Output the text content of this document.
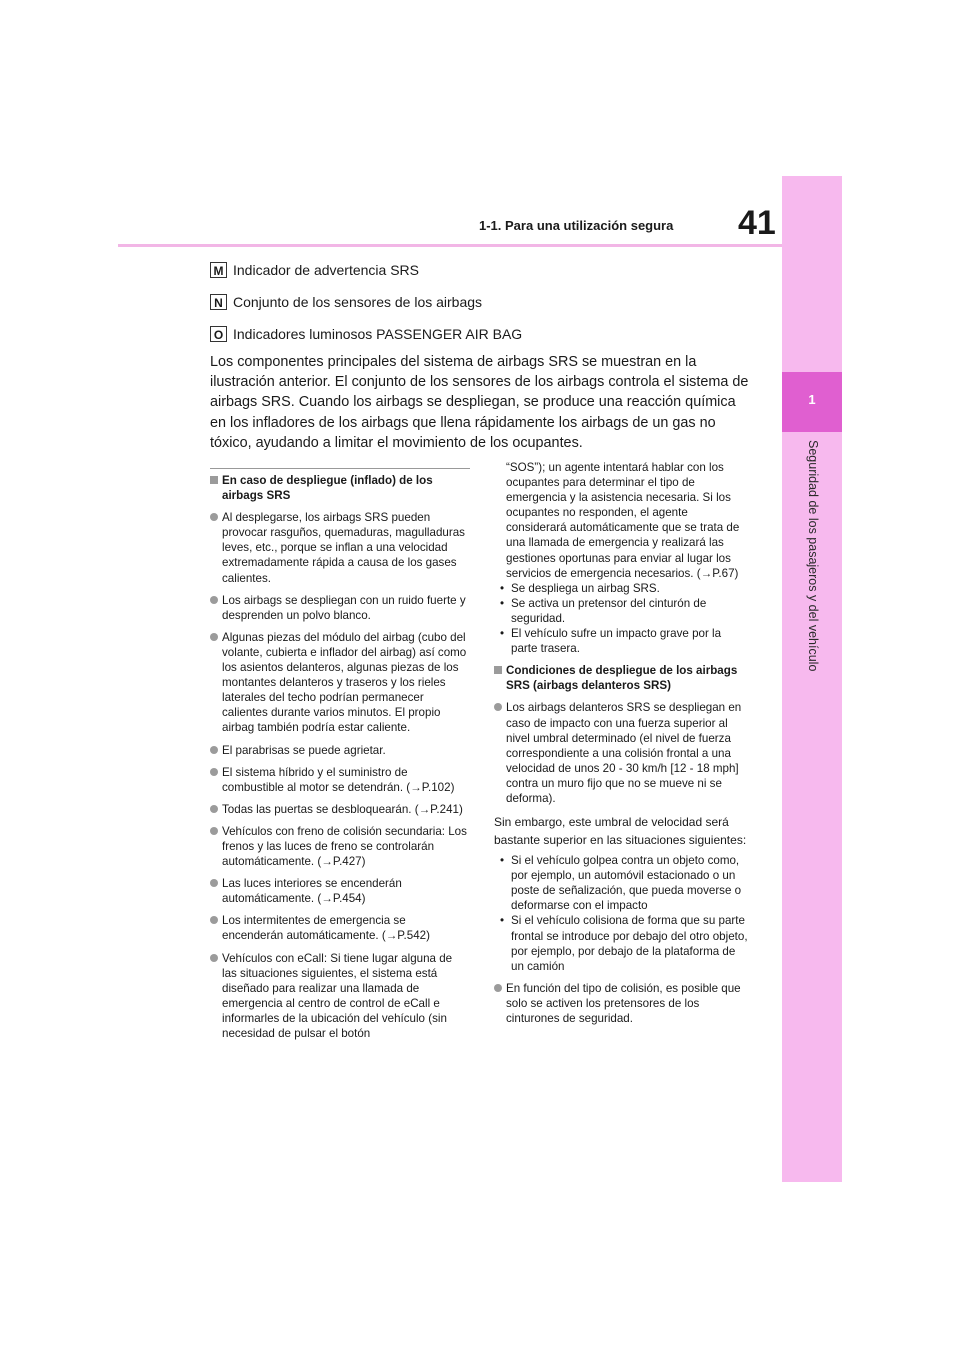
1
Seguridad de los pasajeros y del vehículo
1-1. Para una utilización segura 41
M Indicador de advertencia SRS
N Conjunto de los sensores de los airbags
O Indicadores luminosos PASSENGER AIR BAG
Los componentes principales del sistema de airbags SRS se muestran en la ilustración anterior. El conjunto de los sensores de los airbags controla el sistema de airbags SRS. Cuando los airbags se despliegan, se produce una reacción química en los infladores de los airbags que llena rápidamente los airbags de un gas no tóxico, ayudando a limitar el movimiento de los ocupantes.
En caso de despliegue (inflado) de los airbags SRS
Al desplegarse, los airbags SRS pueden provocar rasguños, quemaduras, magulladuras leves, etc., porque se inflan a una velocidad extremadamente rápida a causa de los gases calientes.
Los airbags se despliegan con un ruido fuerte y desprenden un polvo blanco.
Algunas piezas del módulo del airbag (cubo del volante, cubierta e inflador del airbag) así como los asientos delanteros, algunas piezas de los montantes delanteros y traseros y los rieles laterales del techo podrían permanecer calientes durante varios minutos. El propio airbag también podría estar caliente.
El parabrisas se puede agrietar.
El sistema híbrido y el suministro de combustible al motor se detendrán. (→P.102)
Todas las puertas se desbloquearán. (→P.241)
Vehículos con freno de colisión secundaria: Los frenos y las luces de freno se controlarán automáticamente. (→P.427)
Las luces interiores se encenderán automáticamente. (→P.454)
Los intermitentes de emergencia se encenderán automáticamente. (→P.542)
Vehículos con eCall: Si tiene lugar alguna de las situaciones siguientes, el sistema está diseñado para realizar una llamada de emergencia al centro de control de eCall e informarles de la ubicación del vehículo (sin necesidad de pulsar el botón

“SOS”); un agente intentará hablar con los ocupantes para determinar el tipo de emergencia y la asistencia necesaria. Si los ocupantes no responden, el agente considerará automáticamente que se trata de una llamada de emergencia y realizará las gestiones oportunas para enviar al lugar los servicios de emergencia necesarios. (→P.67)

• Se despliega un airbag SRS.
• Se activa un pretensor del cinturón de seguridad.
• El vehículo sufre un impacto grave por la parte trasera.
Condiciones de despliegue de los airbags SRS (airbags delanteros SRS)
Los airbags delanteros SRS se despliegan en caso de impacto con una fuerza superior al nivel umbral determinado (el nivel de fuerza correspondiente a una colisión frontal a una velocidad de unos 20 - 30 km/h [12 - 18 mph] contra un muro fijo que no se mueve ni se deforma).

Sin embargo, este umbral de velocidad será bastante superior en las situaciones siguientes:

• Si el vehículo golpea contra un objeto como, por ejemplo, un automóvil estacionado o un poste de señalización, que pueda moverse o deformarse con el impacto
• Si el vehículo colisiona de forma que su parte frontal se introduce por debajo del otro objeto, por ejemplo, por debajo de la plataforma de un camión
En función del tipo de colisión, es posible que solo se activen los pretensores de los cinturones de seguridad.
